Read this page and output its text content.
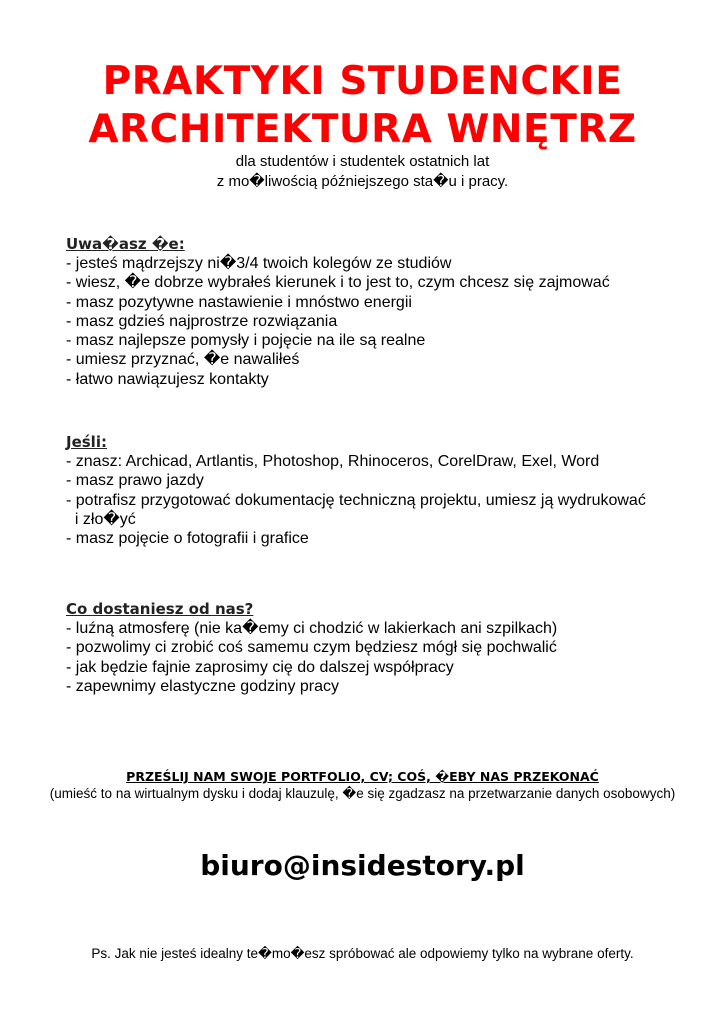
PRAKTYKI STUDENCKIE
ARCHITEKTURA WNĘTRZ
dla studentów i studentek ostatnich lat
z mo�liwością późniejszego sta�u i pracy.
Uwa�asz �e:
- jesteś mądrzejszy ni�3/4 twoich kolegów ze studiów
- wiesz, �e dobrze wybrałeś kierunek i to jest to, czym chcesz się zajmować
- masz pozytywne nastawienie i mnóstwo energii
- masz gdzieś najprostrze rozwiązania
- masz najlepsze pomysły i pojęcie na ile są realne
- umiesz przyznać, �e nawaliłeś
- łatwo nawiązujesz kontakty
Jeśli:
- znasz: Archicad, Artlantis, Photoshop, Rhinoceros, CorelDraw, Exel, Word
- masz prawo jazdy
- potrafisz przygotować dokumentację techniczną projektu, umiesz ją wydrukować
i zło�yć
- masz pojęcie o fotografii i grafice
Co dostaniesz od nas?
- luźną atmosferę (nie ka�emy ci chodzić w lakierkach ani szpilkach)
- pozwolimy ci zrobić coś samemu czym będziesz mógł się pochwalić
- jak będzie fajnie zaprosimy cię do dalszej współpracy
- zapewnimy elastyczne godziny pracy
PRZEŚLIJ NAM SWOJE PORTFOLIO, CV; COŚ, �EBY NAS PRZEKONAĆ
(umieść to na wirtualnym dysku i dodaj klauzulę, �e się zgadzasz na przetwarzanie danych osobowych)
biuro@insidestory.pl
Ps. Jak nie jesteś idealny te�mo�esz spróbować ale odpowiemy tylko na wybrane oferty.
